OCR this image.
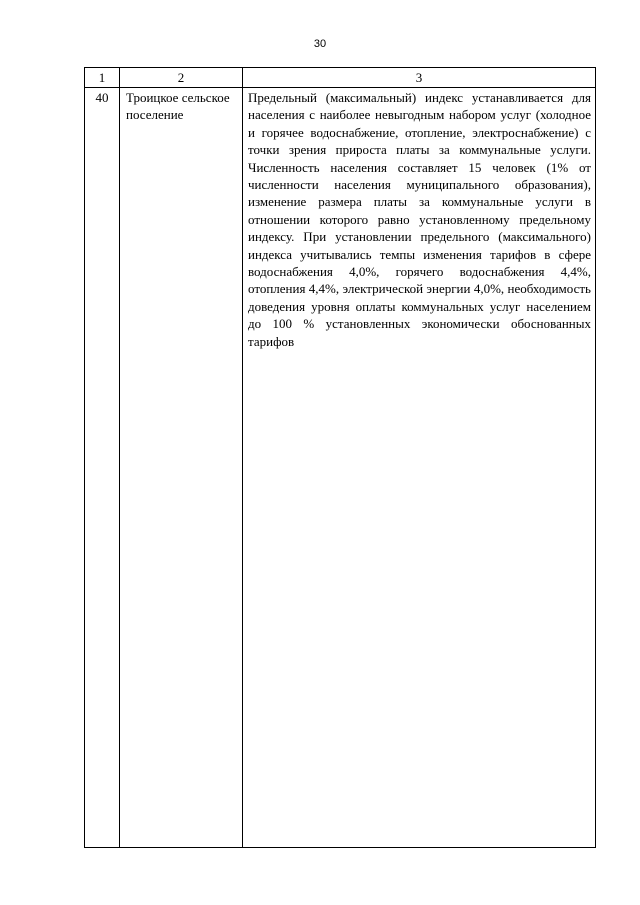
30
1	2	3
40	Троицкое сельское поселение	Предельный (максимальный) индекс устанавливается для населения с наиболее невыгодным набором услуг (холодное и горячее водоснабжение, отопление, электроснабжение) с точки зрения прироста платы за коммунальные услуги. Численность населения составляет 15 человек (1% от численности населения муниципального образования), изменение размера платы за коммунальные услуги в отношении которого равно установленному предельному индексу. При установлении предельного (максимального) индекса учитывались темпы изменения тарифов в сфере водоснабжения 4,0%, горячего водоснабжения 4,4%, отопления 4,4%, электрической энергии 4,0%, необходимость доведения уровня оплаты коммунальных услуг населением до 100 % установленных экономически обоснованных тарифов
